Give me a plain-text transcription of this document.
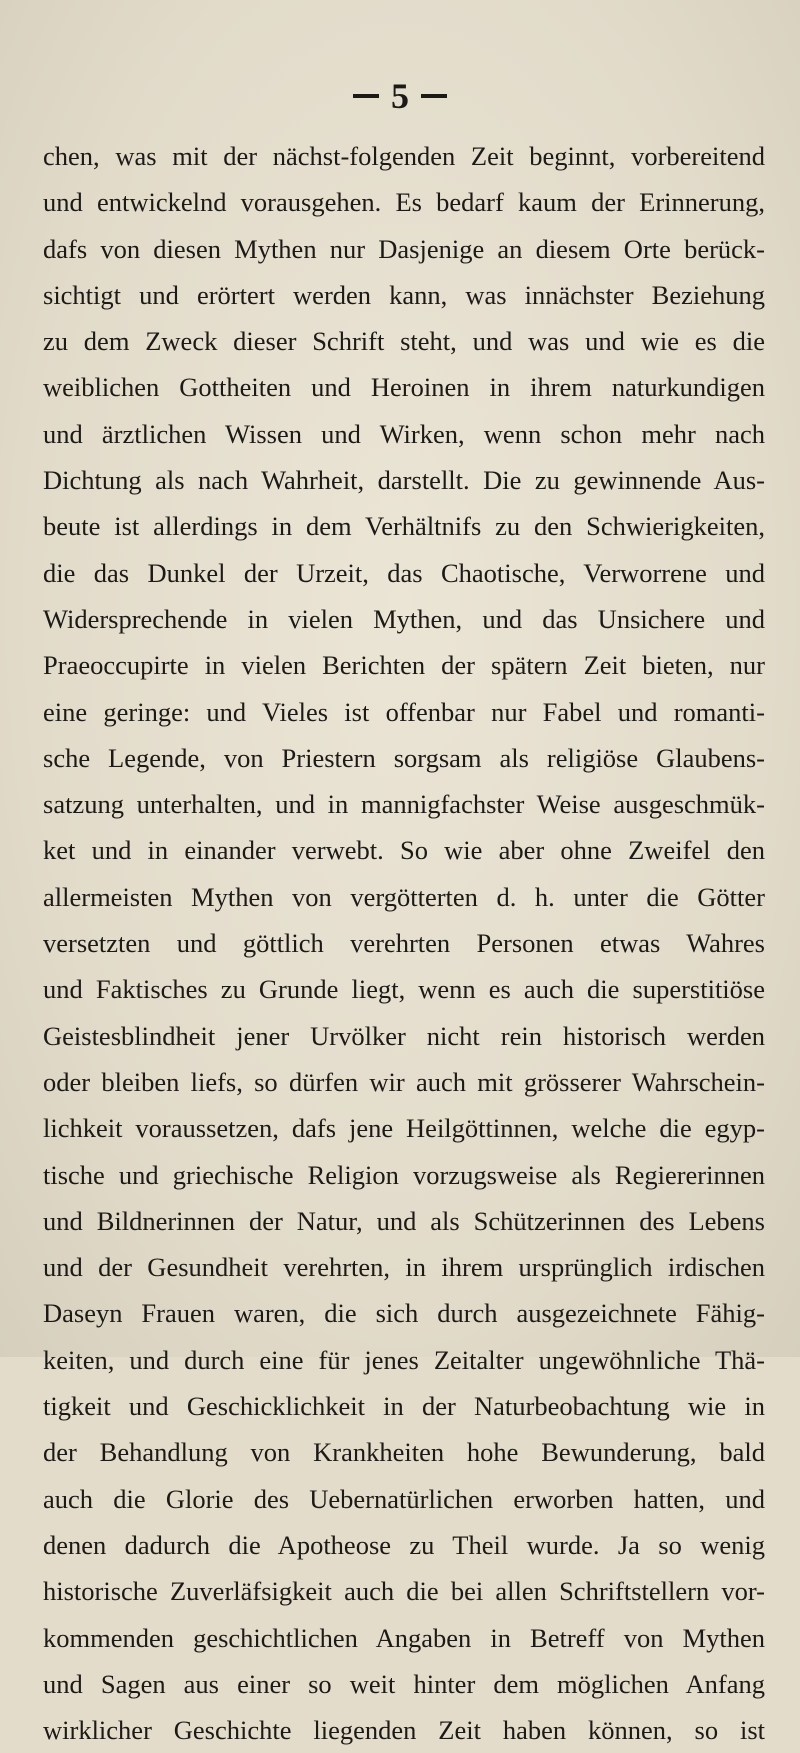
5
chen, was mit der nächst-folgenden Zeit beginnt, vorbereitend
und entwickelnd vorausgehen. Es bedarf kaum der Erinnerung,
dafs von diesen Mythen nur Dasjenige an diesem Orte berück-
sichtigt und erörtert werden kann, was innächster Beziehung
zu dem Zweck dieser Schrift steht, und was und wie es die
weiblichen Gottheiten und Heroinen in ihrem naturkundigen
und ärztlichen Wissen und Wirken, wenn schon mehr nach
Dichtung als nach Wahrheit, darstellt. Die zu gewinnende Aus-
beute ist allerdings in dem Verhältnifs zu den Schwierigkeiten,
die das Dunkel der Urzeit, das Chaotische, Verworrene und
Widersprechende in vielen Mythen, und das Unsichere und
Praeoccupirte in vielen Berichten der spätern Zeit bieten, nur
eine geringe: und Vieles ist offenbar nur Fabel und romanti-
sche Legende, von Priestern sorgsam als religiöse Glaubens-
satzung unterhalten, und in mannigfachster Weise ausgeschmük-
ket und in einander verwebt. So wie aber ohne Zweifel den
allermeisten Mythen von vergötterten d. h. unter die Götter
versetzten und göttlich verehrten Personen etwas Wahres
und Faktisches zu Grunde liegt, wenn es auch die superstitiöse
Geistesblindheit jener Urvölker nicht rein historisch werden
oder bleiben liefs, so dürfen wir auch mit grösserer Wahrschein-
lichkeit voraussetzen, dafs jene Heilgöttinnen, welche die egyp-
tische und griechische Religion vorzugsweise als Regiererinnen
und Bildnerinnen der Natur, und als Schützerinnen des Lebens
und der Gesundheit verehrten, in ihrem ursprünglich irdischen
Daseyn Frauen waren, die sich durch ausgezeichnete Fähig-
keiten, und durch eine für jenes Zeitalter ungewöhnliche Thä-
tigkeit und Geschicklichkeit in der Naturbeobachtung wie in
der Behandlung von Krankheiten hohe Bewunderung, bald
auch die Glorie des Uebernatürlichen erworben hatten, und
denen dadurch die Apotheose zu Theil wurde. Ja so wenig
historische Zuverläfsigkeit auch die bei allen Schriftstellern vor-
kommenden geschichtlichen Angaben in Betreff von Mythen
und Sagen aus einer so weit hinter dem möglichen Anfang
wirklicher Geschichte liegenden Zeit haben können, so ist
